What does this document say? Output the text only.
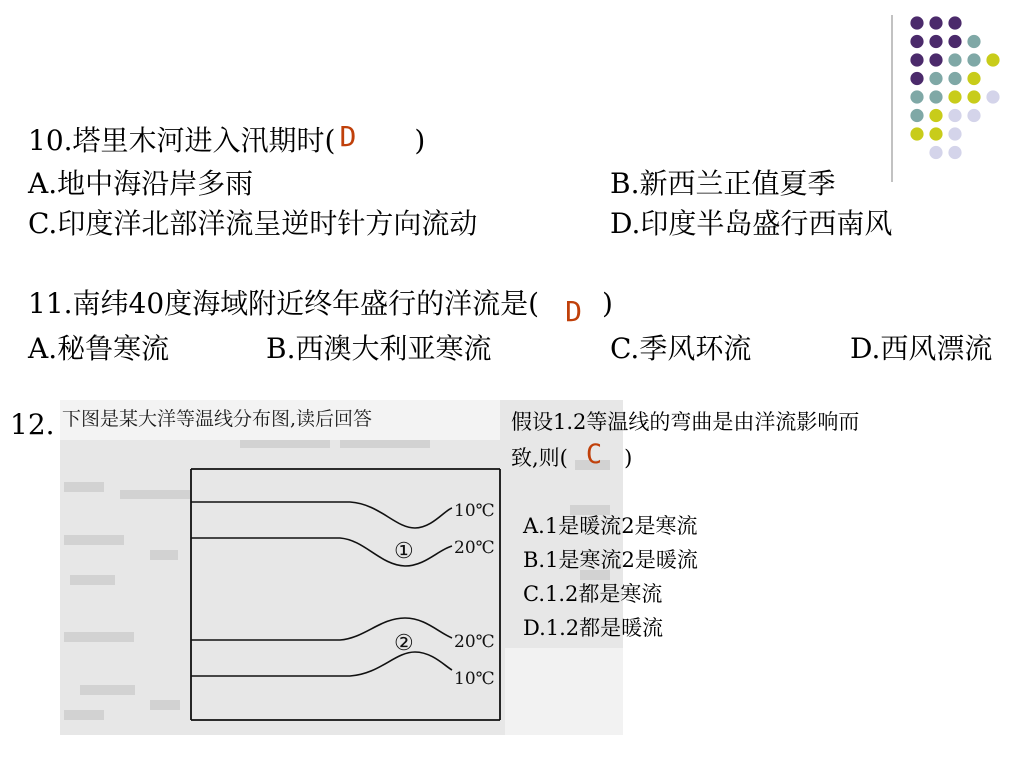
10.塔里木河进入汛期时( D )
A.地中海沿岸多雨	B.新西兰正值夏季
C.印度洋北部洋流呈逆时针方向流动	D.印度半岛盛行西南风
11.南纬40度海域附近终年盛行的洋流是( D )
A.秘鲁寒流	B.西澳大利亚寒流	C.季风环流	D.西风漂流
12. 下图是某大洋等温线分布图,读后回答
10℃
20℃
20℃
10℃
①
②
假设1.2等温线的弯曲是由洋流影响而
致,则( C )
A.1是暖流2是寒流
B.1是寒流2是暖流
C.1.2都是寒流
D.1.2都是暖流
